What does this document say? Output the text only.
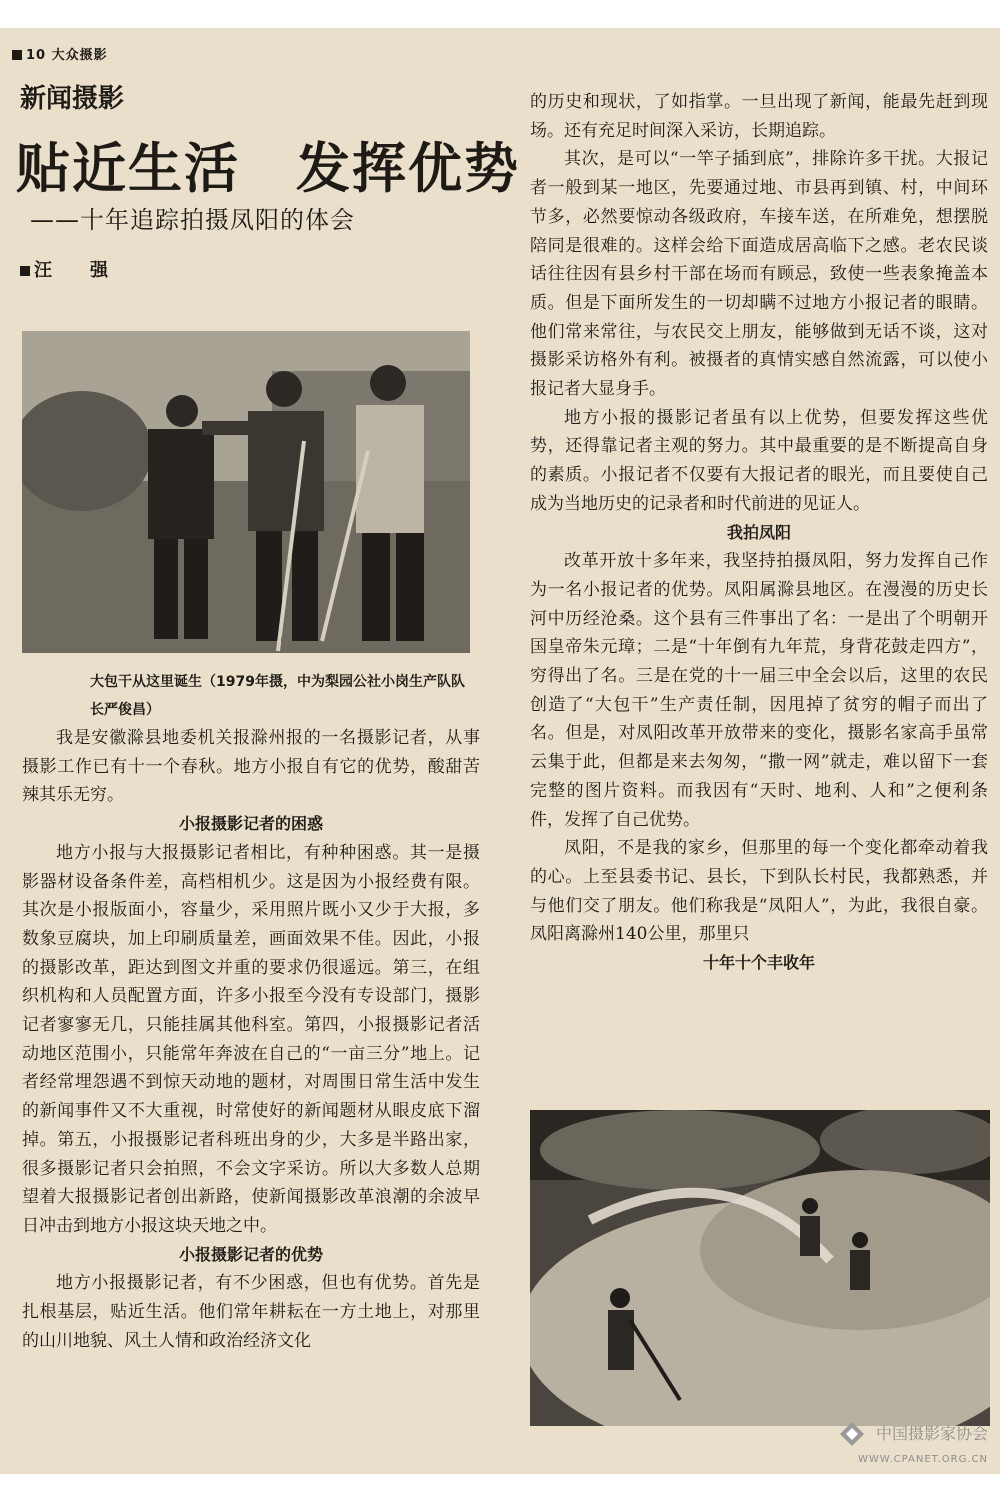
10 大众摄影
新闻摄影
贴近生活　发挥优势
——十年追踪拍摄凤阳的体会
汪　强
大包干从这里诞生（1979年摄，中为梨园公社小岗生产队队长严俊昌）

我是安徽滁县地委机关报滁州报的一名摄影记者，从事摄影工作已有十一个春秋。地方小报自有它的优势，酸甜苦辣其乐无穷。

小报摄影记者的困惑

地方小报与大报摄影记者相比，有种种困惑。其一是摄影器材设备条件差，高档相机少。这是因为小报经费有限。其次是小报版面小，容量少，采用照片既小又少于大报，多数象豆腐块，加上印刷质量差，画面效果不佳。因此，小报的摄影改革，距达到图文并重的要求仍很遥远。第三，在组织机构和人员配置方面，许多小报至今没有专设部门，摄影记者寥寥无几，只能挂属其他科室。第四，小报摄影记者活动地区范围小，只能常年奔波在自己的“一亩三分”地上。记者经常埋怨遇不到惊天动地的题材，对周围日常生活中发生的新闻事件又不大重视，时常使好的新闻题材从眼皮底下溜掉。第五，小报摄影记者科班出身的少，大多是半路出家，很多摄影记者只会拍照，不会文字采访。所以大多数人总期望着大报摄影记者创出新路，使新闻摄影改革浪潮的余波早日冲击到地方小报这块天地之中。

小报摄影记者的优势

地方小报摄影记者，有不少困惑，但也有优势。首先是扎根基层，贴近生活。他们常年耕耘在一方土地上，对那里的山川地貌、风土人情和政治经济文化

的历史和现状，了如指掌。一旦出现了新闻，能最先赶到现场。还有充足时间深入采访，长期追踪。

其次，是可以“一竿子插到底”，排除许多干扰。大报记者一般到某一地区，先要通过地、市县再到镇、村，中间环节多，必然要惊动各级政府，车接车送，在所难免，想摆脱陪同是很难的。这样会给下面造成居高临下之感。老农民谈话往往因有县乡村干部在场而有顾忌，致使一些表象掩盖本质。但是下面所发生的一切却瞒不过地方小报记者的眼睛。他们常来常往，与农民交上朋友，能够做到无话不谈，这对摄影采访格外有利。被摄者的真情实感自然流露，可以使小报记者大显身手。

地方小报的摄影记者虽有以上优势，但要发挥这些优势，还得靠记者主观的努力。其中最重要的是不断提高自身的素质。小报记者不仅要有大报记者的眼光，而且要使自己成为当地历史的记录者和时代前进的见证人。

我拍凤阳

改革开放十多年来，我坚持拍摄凤阳，努力发挥自己作为一名小报记者的优势。凤阳属滁县地区。在漫漫的历史长河中历经沧桑。这个县有三件事出了名：一是出了个明朝开国皇帝朱元璋；二是“十年倒有九年荒，身背花鼓走四方”，穷得出了名。三是在党的十一届三中全会以后，这里的农民创造了“大包干”生产责任制，因甩掉了贫穷的帽子而出了名。但是，对凤阳改革开放带来的变化，摄影名家高手虽常云集于此，但都是来去匆匆，“撒一网”就走，难以留下一套完整的图片资料。而我因有“天时、地利、人和”之便利条件，发挥了自己优势。

凤阳，不是我的家乡，但那里的每一个变化都牵动着我的心。上至县委书记、县长，下到队长村民，我都熟悉，并与他们交了朋友。他们称我是“凤阳人”，为此，我很自豪。凤阳离滁州140公里，那里只

十年十个丰收年

中国摄影家协会
WWW.CPANET.ORG.CN
